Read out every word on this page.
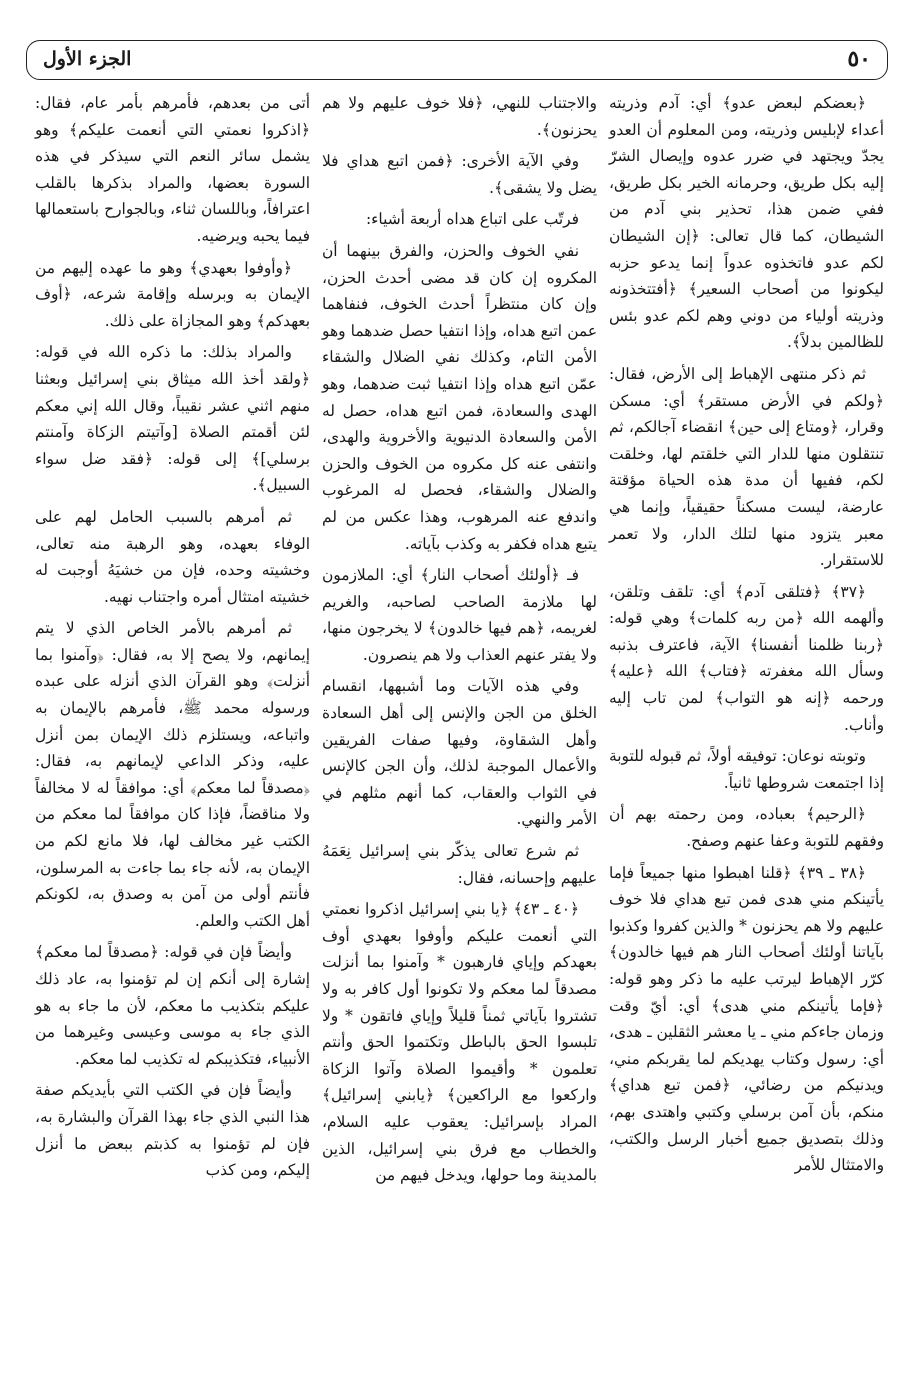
٥٠
الجزء الأول

﴿بعضكم لبعض عدو﴾ أي: آدم وذريته أعداء لإبليس وذريته، ومن المعلوم أن العدو يجدّ ويجتهد في ضرر عدوه وإيصال الشرّ إليه بكل طريق، وحرمانه الخير بكل طريق، ففي ضمن هذا، تحذير بني آدم من الشيطان، كما قال تعالى: ﴿إن الشيطان لكم عدو فاتخذوه عدواً إنما يدعو حزبه ليكونوا من أصحاب السعير﴾ ﴿أفتتخذونه وذريته أولياء من دوني وهم لكم عدو بئس للظالمين بدلاً﴾.

ثم ذكر منتهى الإهباط إلى الأرض، فقال: ﴿ولكم في الأرض مستقر﴾ أي: مسكن وقرار، ﴿ومتاع إلى حين﴾ انقضاء آجالكم، ثم تنتقلون منها للدار التي خلقتم لها، وخلقت لكم، ففيها أن مدة هذه الحياة مؤقتة عارضة، ليست مسكناً حقيقياً، وإنما هي معبر يتزود منها لتلك الدار، ولا تعمر للاستقرار.

﴿٣٧﴾ ﴿فتلقى آدم﴾ أي: تلقف وتلقن، وألهمه الله ﴿من ربه كلمات﴾ وهي قوله: ﴿ربنا ظلمنا أنفسنا﴾ الآية، فاعترف بذنبه وسأل الله مغفرته ﴿فتاب﴾ الله ﴿عليه﴾ ورحمه ﴿إنه هو التواب﴾ لمن تاب إليه وأناب.

وتوبته نوعان: توفيقه أولاً، ثم قبوله للتوبة إذا اجتمعت شروطها ثانياً.

﴿الرحيم﴾ بعباده، ومن رحمته بهم أن وفقهم للتوبة وعفا عنهم وصفح.

﴿٣٨ ـ ٣٩﴾ ﴿قلنا اهبطوا منها جميعاً فإما يأتينكم مني هدى فمن تبع هداي فلا خوف عليهم ولا هم يحزنون * والذين كفروا وكذبوا بآياتنا أولئك أصحاب النار هم فيها خالدون﴾ كرّر الإهباط ليرتب عليه ما ذكر وهو قوله: ﴿فإما يأتينكم مني هدى﴾ أي: أيّ وقت وزمان جاءكم مني ـ يا معشر الثقلين ـ هدى، أي: رسول وكتاب يهديكم لما يقربكم مني، ويدنيكم من رضائي، ﴿فمن تبع هداي﴾ منكم، بأن آمن برسلي وكتبي واهتدى بهم، وذلك بتصديق جميع أخبار الرسل والكتب، والامتثال للأمر

والاجتناب للنهي، ﴿فلا خوف عليهم ولا هم يحزنون﴾.

وفي الآية الأخرى: ﴿فمن اتبع هداي فلا يضل ولا يشقى﴾.

فرتّب على اتباع هداه أربعة أشياء:

نفي الخوف والحزن، والفرق بينهما أن المكروه إن كان قد مضى أحدث الحزن، وإن كان منتظراً أحدث الخوف، فنفاهما عمن اتبع هداه، وإذا انتفيا حصل ضدهما وهو الأمن التام، وكذلك نفي الضلال والشقاء عمّن اتبع هداه وإذا انتفيا ثبت ضدهما، وهو الهدى والسعادة، فمن اتبع هداه، حصل له الأمن والسعادة الدنيوية والأخروية والهدى، وانتفى عنه كل مكروه من الخوف والحزن والضلال والشقاء، فحصل له المرغوب واندفع عنه المرهوب، وهذا عكس من لم يتبع هداه فكفر به وكذب بآياته.

فـ ﴿أولئك أصحاب النار﴾ أي: الملازمون لها ملازمة الصاحب لصاحبه، والغريم لغريمه، ﴿هم فيها خالدون﴾ لا يخرجون منها، ولا يفتر عنهم العذاب ولا هم ينصرون.

وفي هذه الآيات وما أشبهها، انقسام الخلق من الجن والإنس إلى أهل السعادة وأهل الشقاوة، وفيها صفات الفريقين والأعمال الموجبة لذلك، وأن الجن كالإنس في الثواب والعقاب، كما أنهم مثلهم في الأمر والنهي.

ثم شرع تعالى يذكّر بني إسرائيل نِعَمَهُ عليهم وإحسانه، فقال:

﴿٤٠ ـ ٤٣﴾ ﴿يا بني إسرائيل اذكروا نعمتي التي أنعمت عليكم وأوفوا بعهدي أوف بعهدكم وإياي فارهبون * وآمنوا بما أنزلت مصدقاً لما معكم ولا تكونوا أول كافر به ولا تشتروا بآياتي ثمناً قليلاً وإياي فاتقون * ولا تلبسوا الحق بالباطل وتكتموا الحق وأنتم تعلمون * وأقيموا الصلاة وآتوا الزكاة واركعوا مع الراكعين﴾ ﴿يابني إسرائيل﴾ المراد بإسرائيل: يعقوب عليه السلام، والخطاب مع فرق بني إسرائيل، الذين بالمدينة وما حولها، ويدخل فيهم من

أتى من بعدهم، فأمرهم بأمر عام، فقال: ﴿اذكروا نعمتي التي أنعمت عليكم﴾ وهو يشمل سائر النعم التي سيذكر في هذه السورة بعضها، والمراد بذكرها بالقلب اعترافاً، وباللسان ثناء، وبالجوارح باستعمالها فيما يحبه ويرضيه.

﴿وأوفوا بعهدي﴾ وهو ما عهده إليهم من الإيمان به وبرسله وإقامة شرعه، ﴿أوف بعهدكم﴾ وهو المجازاة على ذلك.

والمراد بذلك: ما ذكره الله في قوله: ﴿ولقد أخذ الله ميثاق بني إسرائيل وبعثنا منهم اثني عشر نقيباً، وقال الله إني معكم لئن أقمتم الصلاة [وآتيتم الزكاة وآمنتم برسلي]﴾ إلى قوله: ﴿فقد ضل سواء السبيل﴾.

ثم أمرهم بالسبب الحامل لهم على الوفاء بعهده، وهو الرهبة منه تعالى، وخشيته وحده، فإن من خشيَهُ أوجبت له خشيته امتثال أمره واجتناب نهيه.

ثم أمرهم بالأمر الخاص الذي لا يتم إيمانهم، ولا يصح إلا به، فقال: ﴿وآمنوا بما أنزلت﴾ وهو القرآن الذي أنزله على عبده ورسوله محمد ﷺ، فأمرهم بالإيمان به واتباعه، ويستلزم ذلك الإيمان بمن أنزل عليه، وذكر الداعي لإيمانهم به، فقال: ﴿مصدقاً لما معكم﴾ أي: موافقاً له لا مخالفاً ولا مناقضاً، فإذا كان موافقاً لما معكم من الكتب غير مخالف لها، فلا مانع لكم من الإيمان به، لأنه جاء بما جاءت به المرسلون، فأنتم أولى من آمن به وصدق به، لكونكم أهل الكتب والعلم.

وأيضاً فإن في قوله: ﴿مصدقاً لما معكم﴾ إشارة إلى أنكم إن لم تؤمنوا به، عاد ذلك عليكم بتكذيب ما معكم، لأن ما جاء به هو الذي جاء به موسى وعيسى وغيرهما من الأنبياء، فتكذيبكم له تكذيب لما معكم.

وأيضاً فإن في الكتب التي بأيديكم صفة هذا النبي الذي جاء بهذا القرآن والبشارة به، فإن لم تؤمنوا به كذبتم ببعض ما أنزل إليكم، ومن كذب
